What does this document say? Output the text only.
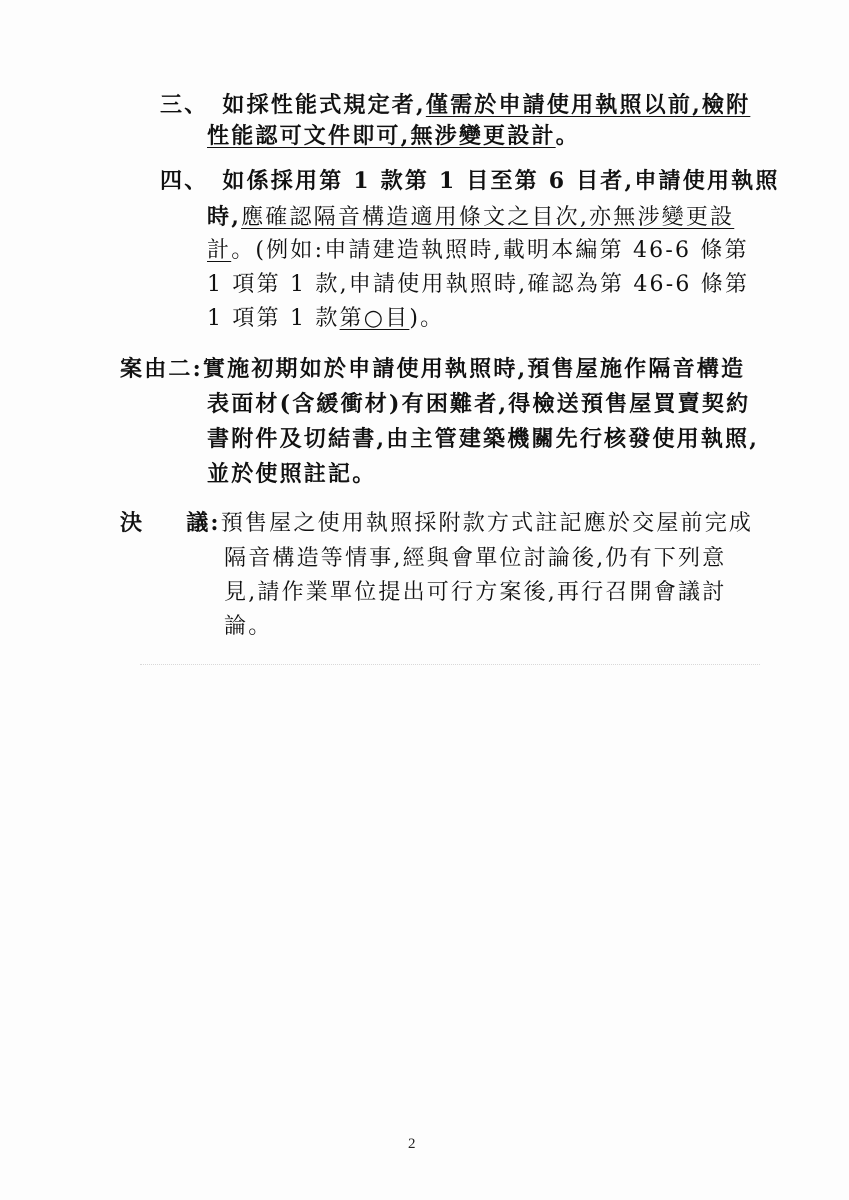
三、 如採性能式規定者,僅需於申請使用執照以前,檢附
性能認可文件即可,無涉變更設計。
四、 如係採用第 1 款第 1 目至第 6 目者,申請使用執照
時,應確認隔音構造適用條文之目次,亦無涉變更設
計。(例如:申請建造執照時,載明本編第 46-6 條第
1 項第 1 款,申請使用執照時,確認為第 46-6 條第
1 項第 1 款第○目)。
案由二:實施初期如於申請使用執照時,預售屋施作隔音構造
表面材(含緩衝材)有困難者,得檢送預售屋買賣契約
書附件及切結書,由主管建築機關先行核發使用執照,
並於使照註記。
決 議:預售屋之使用執照採附款方式註記應於交屋前完成
隔音構造等情事,經與會單位討論後,仍有下列意
見,請作業單位提出可行方案後,再行召開會議討
論。
2
